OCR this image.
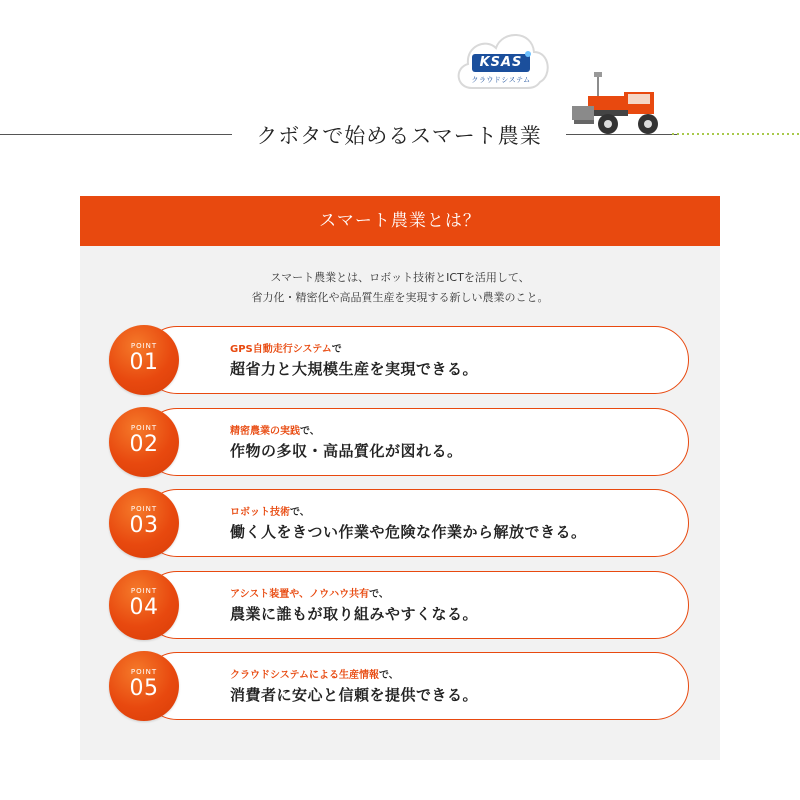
KSAS
クラウドシステム
クボタで始めるスマート農業
スマート農業とは？
スマート農業とは、ロボット技術とICTを活用して、
省力化・精密化や高品質生産を実現する新しい農業のこと。
GPS自動走行システムで
超省力と大規模生産を実現できる。
POINT
01
精密農業の実践で、
作物の多収・高品質化が図れる。
POINT
02
ロボット技術で、
働く人をきつい作業や危険な作業から解放できる。
POINT
03
アシスト装置や、ノウハウ共有で、
農業に誰もが取り組みやすくなる。
POINT
04
クラウドシステムによる生産情報で、
消費者に安心と信頼を提供できる。
POINT
05
